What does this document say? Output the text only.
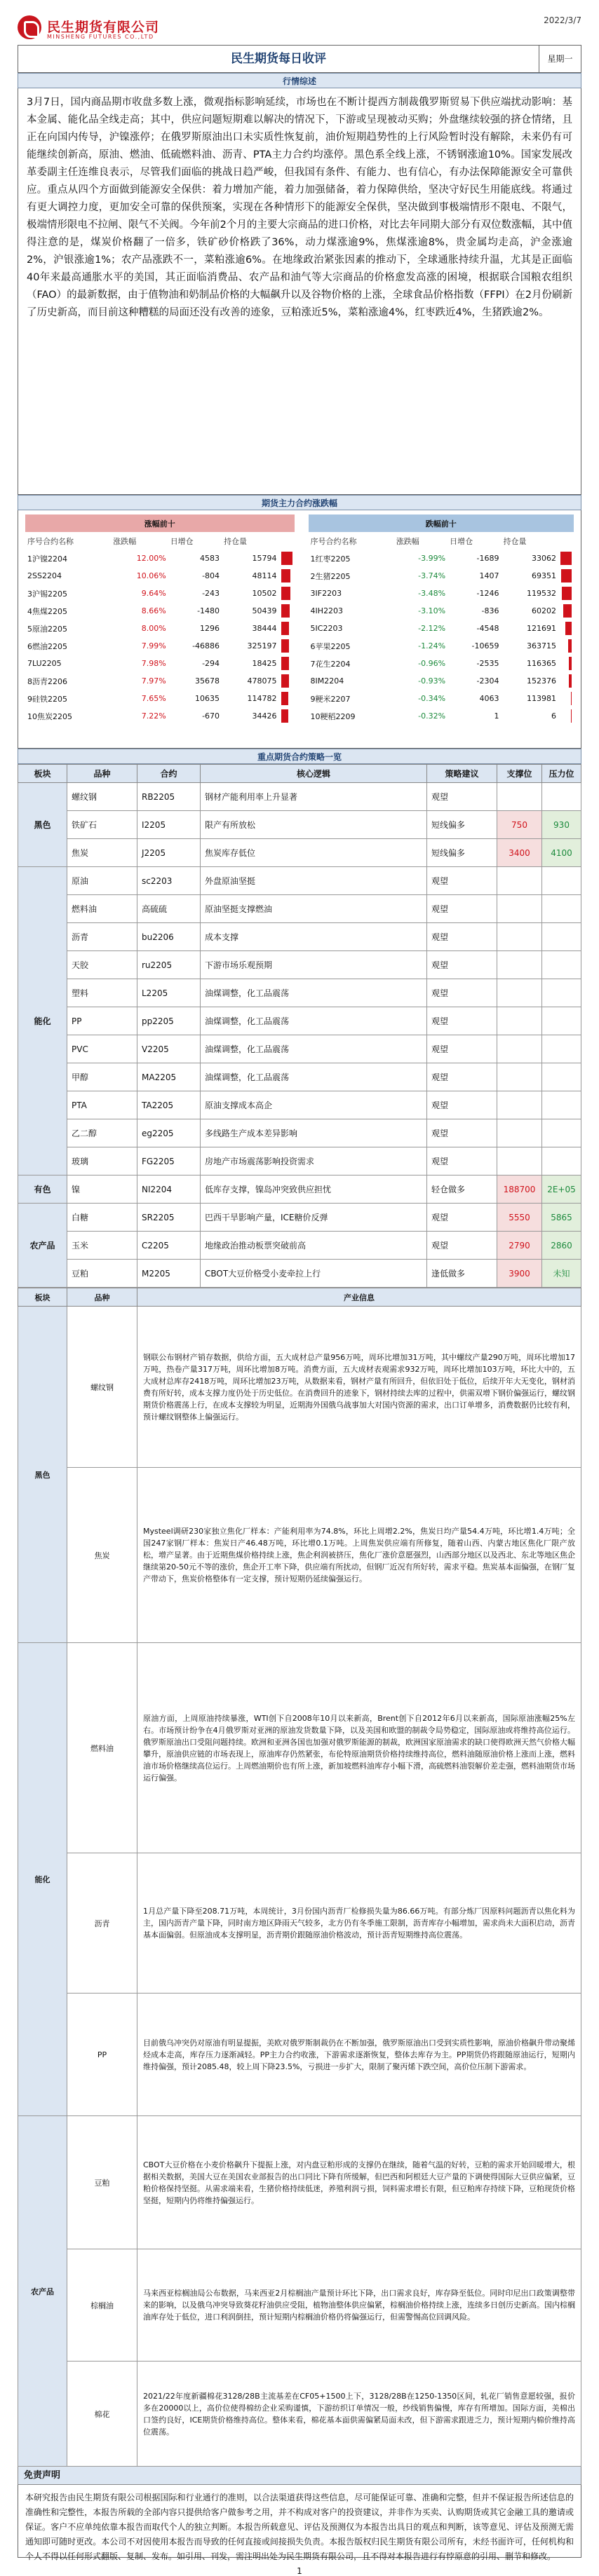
民生期货有限公司
MINSHENG FUTURES CO.,LTD
2022/3/7
民生期货每日收评	星期一
行情综述
3月7日，国内商品期市收盘多数上涨，微观指标影响延续，市场也在不断计提西方制裁俄罗斯贸易下供应端扰动影响：基本金属、能化品全线走高；其中，供应问题短期难以解决的情况下，下游或呈现被动买购；外盘继续较强的挤仓情绪，且正在向国内传导，沪镍涨停；在俄罗斯原油出口未实质性恢复前，油价短期趋势性的上行风险暂时没有解除，未来仍有可能继续创新高，原油、燃油、低硫燃料油、沥青、PTA主力合约均涨停。黑色系全线上涨，不锈钢涨逾10%。国家发展改革委副主任连维良表示，尽管我们面临的挑战日趋严峻，但我国有条件、有能力、也有信心，有办法保障能源安全可靠供应。重点从四个方面做到能源安全保供：着力增加产能，着力加强储备，着力保障供给，坚决守好民生用能底线。将通过有更大调控力度，更加安全可靠的保供预案，实现在各种情形下的能源安全保供，坚决做到事极端情形不限电、不限气，极端情形限电不拉闸、限气不关阀。今年前2个月的主要大宗商品的进口价格，对比去年同期大部分有双位数涨幅，其中值得注意的是，煤炭价格翻了一倍多，铁矿砂价格跌了36%，动力煤涨逾9%，焦煤涨逾8%，贵金属均走高，沪金涨逾2%，沪银涨逾1%；农产品涨跌不一，菜粕涨逾6%。在地缘政治紧张因素的推动下，全球通胀持续升温，尤其是正面临40年来最高通胀水平的美国，其正面临消费品、农产品和油气等大宗商品的价格愈发高涨的困境，根据联合国粮农组织（FAO）的最新数据，由于值物油和奶制品价格的大幅飙升以及谷物价格的上涨，全球食品价格指数（FFPI）在2月份刷新了历史新高，而目前这种糟糕的局面还没有改善的迹象，豆粕涨近5%，菜粕涨逾4%，红枣跌近4%，生猪跌逾2%。
期货主力合约涨跌幅
涨幅前十						跌幅前十				
序号合约名称	涨跌幅	日增仓	持仓量			序号合约名称	涨跌幅	日增仓	持仓量	
1沪镍2204	12.00%	4583	15794			1红枣2205	-3.99%	-1689	33062	

2SS2204	10.06%	-804	48114			2生猪2205	-3.74%	1407	69351	

3沪锡2205	9.64%	-243	10502			3IF2203	-3.48%	-1246	119532	

4焦煤2205	8.66%	-1480	50439			4IH2203	-3.10%	-836	60202	

5原油2205	8.00%	1296	38444			5IC2203	-2.12%	-4548	121691	

6燃油2205	7.99%	-46886	325197			6苹果2205	-1.24%	-10659	363715	

7LU2205	7.98%	-294	18425			7花生2204	-0.96%	-2535	116365	

8沥青2206	7.97%	35678	478075			8IM2204	-0.93%	-2304	152376	

9硅铁2205	7.65%	10635	114782			9粳米2207	-0.34%	4063	113981	

10焦炭2205	7.22%	-670	34426			10粳稻2209	-0.32%	1	6	
重点期货合约策略一览
板块	品种	合约	核心逻辑	策略建议	支撑位	压力位
黑色	螺纹钢	RB2205	钢材产能利用率上升显著	观望		
	铁矿石	I2205	限产有所放松	短线偏多	750	930
	焦炭	J2205	焦炭库存低位	短线偏多	3400	4100
能化	原油	sc2203	外盘原油坚挺	观望		
	燃料油	高硫硫	原油坚挺支撑燃油	观望		
	沥青	bu2206	成本支撑	观望		
	天胶	ru2205	下游市场乐观预期	观望		
	塑料	L2205	油煤调整，化工品震荡	观望		
	PP	pp2205	油煤调整，化工品震荡	观望		
	PVC	V2205	油煤调整，化工品震荡	观望		
	甲醇	MA2205	油煤调整，化工品震荡	观望		
	PTA	TA2205	原油支撑成本高企	观望		
	乙二醇	eg2205	多线路生产成本差异影响	观望		
	玻璃	FG2205	房地产市场震荡影响投资需求	观望		
有色	镍	NI2204	低库存支撑，镍岛冲突致供应担忧	轻仓做多	188700	2E+05
农产品	白糖	SR2205	巴西干旱影响产量，ICE糖价反弹	观望	5550	5865
	玉米	C2205	地缘政治推动板票突破前高	观望	2790	2860
	豆粕	M2205	CBOT大豆价格受小麦牵拉上行	逢低做多	3900	未知
板块	品种	产业信息
黑色	螺纹钢	钢联公布钢材产销存数据，供给方面，五大成材总产量956万吨，周环比增加31万吨，其中螺纹产量290万吨，周环比增加17万吨，热卷产量317万吨，周环比增加8万吨。消费方面，五大成材表观需求932万吨，周环比增加103万吨，环比大中的，五大成材总库存2418万吨，周环比增加23万吨，从数据来看，钢材产量有所回升，但依旧处于低位，后续开年大无变化，钢材消费有所好转，成本支撑力度仍处于历史低位。在消费回升的迹象下，钢材持续去库的过程中，供需双增下钢价偏强运行，螺纹钢期货价格震荡上行，在成本支撑较为明显，近期海外国俄乌战事加大对国内资源的需求，出口订单增多，消费数据仍比较有利，预计螺纹钢整体上偏强运行。
	焦炭	Mysteel调研230家独立焦化厂样本：产能利用率为74.8%，环比上周增2.2%，焦炭日均产量54.4万吨，环比增1.4万吨；全国247家钢厂样本：焦炭日产46.48万吨，环比增0.1万吨。上周焦炭供应端有所修复，随着山西、内蒙古地区焦化厂限产放松，增产显著。由于近期焦煤价格持续上涨，焦企利润被挤压，焦化厂涨价意愿强烈，山西部分地区以及西北、东北等地区焦企继续第20-50元不等的涨价，焦企开工率下降，供应端有所扰动，但钢厂近况有所好转，需求平稳。焦炭基本面偏强，在钢厂复产带动下，焦炭价格整体有一定支撑，预计短期仍延续偏强运行。
能化	燃料油	原油方面，上周原油持续暴涨，WTI创下自2008年10月以来新高，Brent创下自2012年6月以来新高，国际原油涨幅25%左右。市场预计纷争在4月俄罗斯对亚洲的原油发货数量下降，以及美国和欧盟的制裁令局势稳定，国际原油或将维持高位运行。俄罗斯原油出口受阻问题持续。欧洲和亚洲各国也加强对俄罗斯能源的制裁，欧洲国家原油需求的缺口使得欧洲天然气价格大幅攀升，原油供应链的市场表现上，原油库存仍然紧张，布伦特原油期货价格持续维持高位，燃料油随原油价格上涨而上涨，燃料油市场价格继续高位运行。上周燃油期价也有所上涨，新加坡燃料油库存小幅下滑，高硫燃料油裂解价差走强，燃料油期货市场运行偏强。
	沥青	1月总产量下降至208.71万吨，本周统计，3月份国内沥青厂检修损失量为86.66万吨。有部分炼厂因原料问题沥青以焦化料为主，国内沥青产量下降，同时南方地区降雨天气较多，北方仍有冬季施工限制，沥青库存小幅增加，需求尚未大面积启动，沥青基本面偏弱。但原油成本支撑明显，沥青期价跟随原油价格波动，预计沥青短期维持高位震荡。
	PP	目前俄乌冲突仍对原油有明显提振，美欧对俄罗斯制裁仍在不断加强，俄罗斯原油出口受到实质性影响，原油价格飙升带动聚烯烃成本走高，库存压力逐渐减轻。PP主力合约收涨，下游需求逐渐恢复，整体去库存为主。PP期货仍将跟随原油运行，短期内维持偏强，预计2085.48，较上周下降23.5%，亏损进一步扩大，限制了聚丙烯下跌空间，高价位压制下游需求。
农产品	豆粕	CBOT大豆价格在小麦价格飙升下提振上涨，对内盘豆粕形成的支撑仍在继续，随着气温的好转，豆粕的需求开始回暖增大，根据相关数据，美国大豆在美国农业部报告的出口同比下降有所缓解，但巴西和阿根廷大豆产量的下调使得国际大豆供应偏紧，豆粕价格保持坚挺。从需求端来看，生猪价格持续低迷，养殖利润亏损，饲料需求增长有限，但豆粕库存持续下降，豆粕现货价格坚挺，短期内仍将维持偏强运行。
	棕榈油	马来西亚棕榈油局公布数据，马来西亚2月棕榈油产量预计环比下降，出口需求良好，库存降至低位。同时印尼出口政策调整带来的影响，以及俄乌冲突导致葵花籽油供应受阻，植物油整体供应偏紧，棕榈油价格持续上涨，连续多日创历史新高。国内棕榈油库存处于低位，进口利润倒挂，预计短期内棕榈油价格仍将偏强运行，但需警惕高位回调风险。
	棉花	2021/22年度新疆棉花3128/28B主流基差在CF05+1500上下，3128/28B在1250-1350区间，轧花厂销售意愿较强，报价多在20000以上，高价位使得棉纺企业采购谨慎，下游纺织订单情况一般，纱线销售偏慢，库存有所增加。国际方面，美棉出口签约良好，ICE期货价格维持高位。整体来看，棉花基本面供需偏紧局面未改，但下游需求跟进乏力，预计短期内棉价维持高位震荡。
免责声明
本研究报告由民生期货有限公司根据国际和行业通行的准则，以合法渠道获得这些信息，尽可能保证可靠、准确和完整，但并不保证报告所述信息的准确性和完整性，本报告所载的全部内容只提供给客户做参考之用，并不构成对客户的投资建议，并非作为买卖、认购期货或其它金融工具的邀请或保证。客户不应单纯依靠本报告而取代个人的独立判断。本报告所载意见、评估及预测仅为本报告出具日的观点和判断，该等意见、评估及预测无需通知即可随时更改。本公司不对因使用本报告而导致的任何直接或间接损失负责。本报告版权归民生期货有限公司所有，未经书面许可，任何机构和个人不得以任何形式翻版、复制、发布。如引用、刊发，需注明出处为民生期货有限公司，且不得对本报告进行有悖原意的引用、删节和修改。
1
